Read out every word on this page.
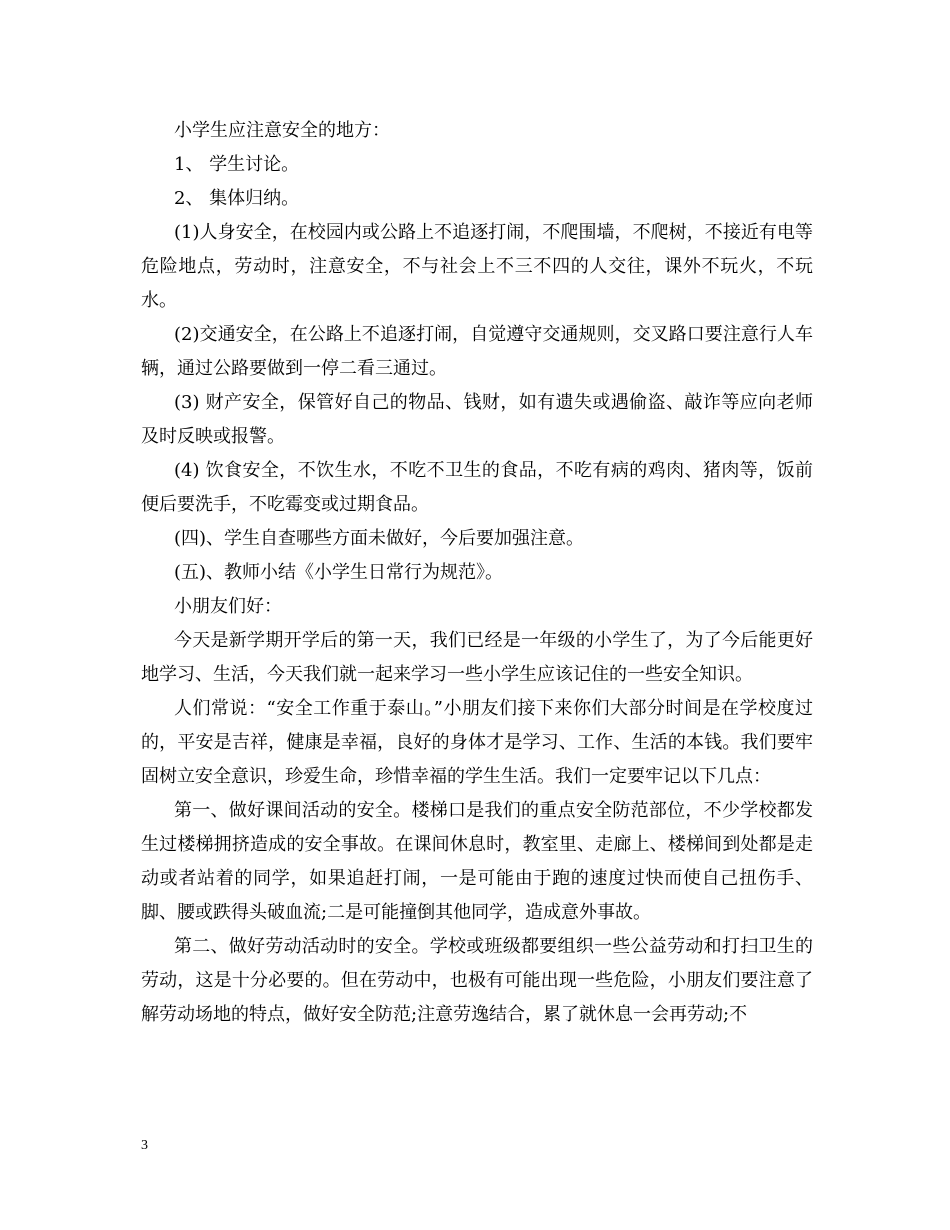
小学生应注意安全的地方：

1、 学生讨论。

2、 集体归纳。

(1)人身安全，在校园内或公路上不追逐打闹，不爬围墙，不爬树，不接近有电等危险地点，劳动时，注意安全，不与社会上不三不四的人交往，课外不玩火，不玩水。

(2)交通安全，在公路上不追逐打闹，自觉遵守交通规则，交叉路口要注意行人车辆，通过公路要做到一停二看三通过。

(3) 财产安全，保管好自己的物品、钱财，如有遗失或遇偷盗、敲诈等应向老师及时反映或报警。

(4) 饮食安全，不饮生水，不吃不卫生的食品，不吃有病的鸡肉、猪肉等，饭前便后要洗手，不吃霉变或过期食品。

(四)、学生自查哪些方面未做好，今后要加强注意。

(五)、教师小结《小学生日常行为规范》。

小朋友们好：

今天是新学期开学后的第一天，我们已经是一年级的小学生了，为了今后能更好地学习、生活，今天我们就一起来学习一些小学生应该记住的一些安全知识。

人们常说：“安全工作重于泰山。”小朋友们接下来你们大部分时间是在学校度过的，平安是吉祥，健康是幸福，良好的身体才是学习、工作、生活的本钱。我们要牢固树立安全意识，珍爱生命，珍惜幸福的学生生活。我们一定要牢记以下几点：

第一、做好课间活动的安全。楼梯口是我们的重点安全防范部位，不少学校都发生过楼梯拥挤造成的安全事故。在课间休息时，教室里、走廊上、楼梯间到处都是走动或者站着的同学，如果追赶打闹，一是可能由于跑的速度过快而使自己扭伤手、脚、腰或跌得头破血流;二是可能撞倒其他同学，造成意外事故。

第二、做好劳动活动时的安全。学校或班级都要组织一些公益劳动和打扫卫生的劳动，这是十分必要的。但在劳动中，也极有可能出现一些危险，小朋友们要注意了解劳动场地的特点，做好安全防范;注意劳逸结合，累了就休息一会再劳动;不

3
